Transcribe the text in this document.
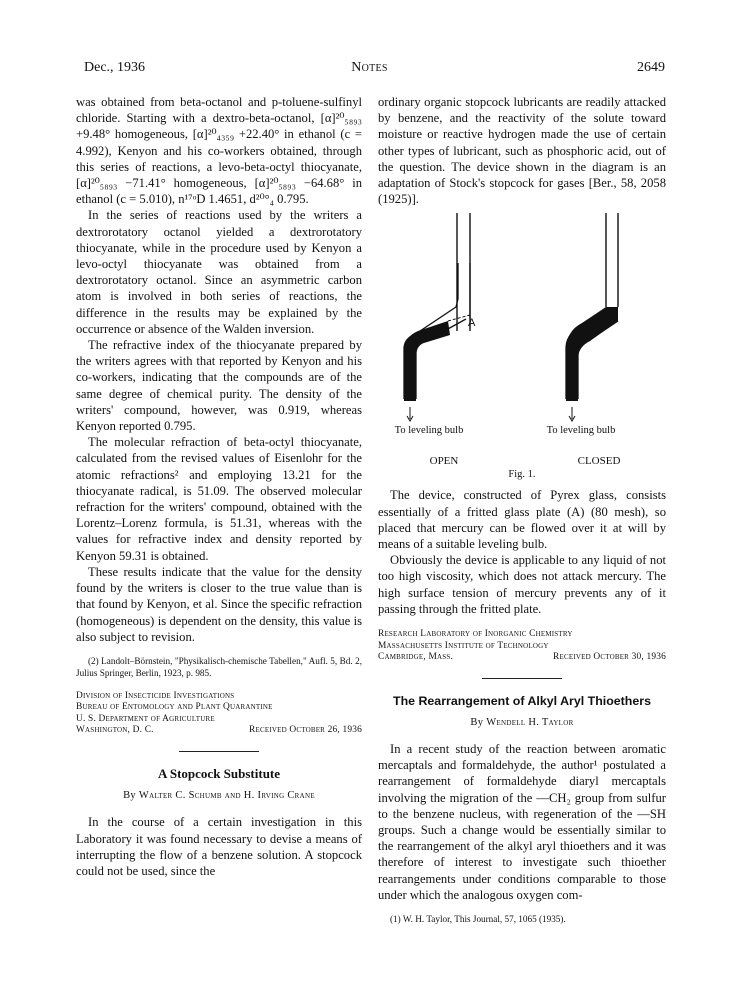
Dec., 1936	Notes	2649

was obtained from beta-octanol and p-toluene-sulfinyl chloride. Starting with a dextro-beta-octanol, [α]²⁰₅₈₉₃ +9.48° homogeneous, [α]²⁰₄₃₅₉ +22.40° in ethanol (c = 4.992), Kenyon and his co-workers obtained, through this series of reactions, a levo-beta-octyl thiocyanate, [α]²⁰₅₈₉₃ −71.41° homogeneous, [α]²⁰₅₈₉₃ −64.68° in ethanol (c = 5.010), n¹⁷ᵒD 1.4651, d²⁰°₄ 0.795.

In the series of reactions used by the writers a dextrorotatory octanol yielded a dextrorotatory thiocyanate, while in the procedure used by Kenyon a levo-octyl thiocyanate was obtained from a dextrorotatory octanol. Since an asymmetric carbon atom is involved in both series of reactions, the difference in the results may be explained by the occurrence or absence of the Walden inversion.

The refractive index of the thiocyanate prepared by the writers agrees with that reported by Kenyon and his co-workers, indicating that the compounds are of the same degree of chemical purity. The density of the writers' compound, however, was 0.919, whereas Kenyon reported 0.795.

The molecular refraction of beta-octyl thiocyanate, calculated from the revised values of Eisenlohr for the atomic refractions² and employing 13.21 for the thiocyanate radical, is 51.09. The observed molecular refraction for the writers' compound, obtained with the Lorentz–Lorenz formula, is 51.31, whereas with the values for refractive index and density reported by Kenyon 59.31 is obtained.

These results indicate that the value for the density found by the writers is closer to the true value than is that found by Kenyon, et al. Since the specific refraction (homogeneous) is dependent on the density, this value is also subject to revision.

(2) Landolt–Börnstein, "Physikalisch-chemische Tabellen," Aufl. 5, Bd. 2, Julius Springer, Berlin, 1923, p. 985.

Division of Insecticide Investigations
Bureau of Entomology and Plant Quarantine
U. S. Department of Agriculture
Washington, D. C.	Received October 26, 1936
A Stopcock Substitute
By Walter C. Schumb and H. Irving Crane

In the course of a certain investigation in this Laboratory it was found necessary to devise a means of interrupting the flow of a benzene solution. A stopcock could not be used, since the

ordinary organic stopcock lubricants are readily attacked by benzene, and the reactivity of the solute toward moisture or reactive hydrogen made the use of certain other types of lubricant, such as phosphoric acid, out of the question. The device shown in the diagram is an adaptation of Stock's stopcock for gases [Ber., 58, 2058 (1925)].

A
To leveling bulb	To leveling bulb
OPEN	CLOSED
Fig. 1.

The device, constructed of Pyrex glass, consists essentially of a fritted glass plate (A) (80 mesh), so placed that mercury can be flowed over it at will by means of a suitable leveling bulb.

Obviously the device is applicable to any liquid of not too high viscosity, which does not attack mercury. The high surface tension of mercury prevents any of it passing through the fritted plate.

Research Laboratory of Inorganic Chemistry
Massachusetts Institute of Technology
Cambridge, Mass.	Received October 30, 1936
The Rearrangement of Alkyl Aryl Thioethers
By Wendell H. Taylor

In a recent study of the reaction between aromatic mercaptals and formaldehyde, the author¹ postulated a rearrangement of formaldehyde diaryl mercaptals involving the migration of the —CH₂ group from sulfur to the benzene nucleus, with regeneration of the —SH groups. Such a change would be essentially similar to the rearrangement of the alkyl aryl thioethers and it was therefore of interest to investigate such thioether rearrangements under conditions comparable to those under which the analogous oxygen com-

(1) W. H. Taylor, This Journal, 57, 1065 (1935).
